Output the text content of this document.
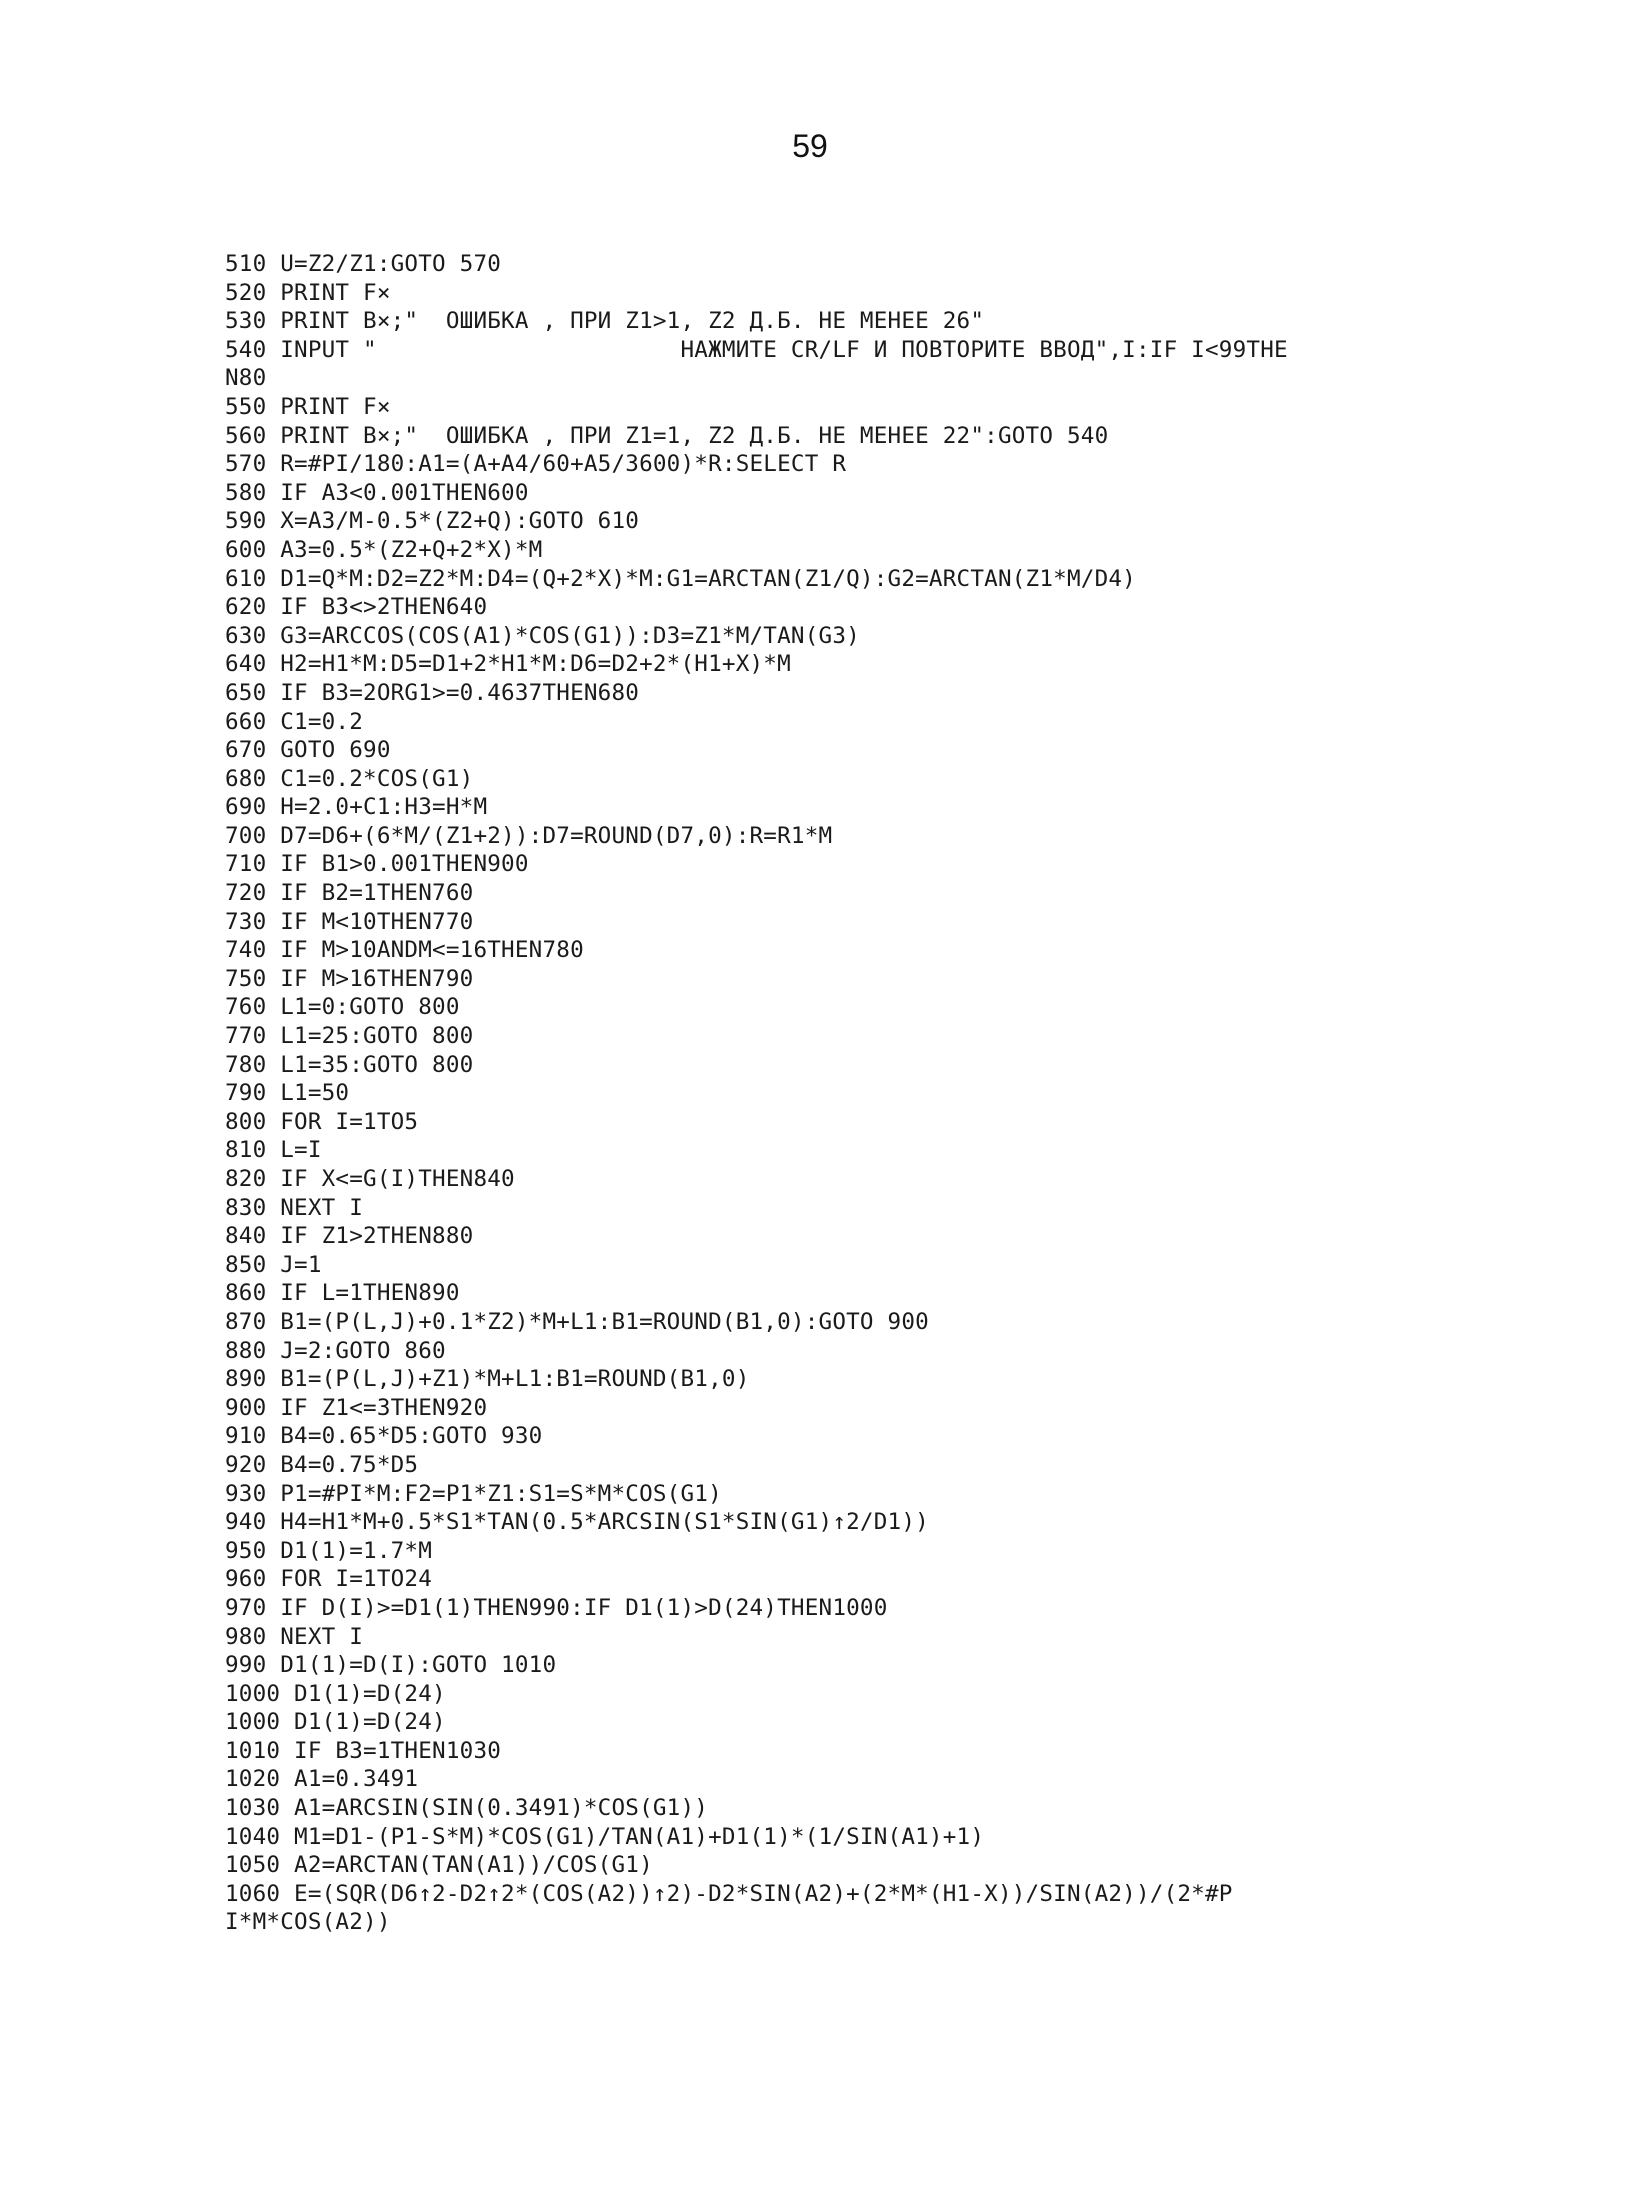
59
510 U=Z2/Z1:GOTO 570
520 PRINT F×
530 PRINT B×;"  ОШИБКА , ПРИ Z1>1, Z2 Д.Б. НЕ МЕНЕЕ 26"
540 INPUT "                      НАЖМИТЕ CR/LF И ПОВТОРИТЕ ВВОД",I:IF I<99THE
N80
550 PRINT F×
560 PRINT B×;"  ОШИБКА , ПРИ Z1=1, Z2 Д.Б. НЕ МЕНЕЕ 22":GOTO 540
570 R=#PI/180:A1=(A+A4/60+A5/3600)*R:SELECT R
580 IF A3<0.001THEN600
590 X=A3/M-0.5*(Z2+Q):GOTO 610
600 A3=0.5*(Z2+Q+2*X)*M
610 D1=Q*M:D2=Z2*M:D4=(Q+2*X)*M:G1=ARCTAN(Z1/Q):G2=ARCTAN(Z1*M/D4)
620 IF B3<>2THEN640
630 G3=ARCCOS(COS(A1)*COS(G1)):D3=Z1*M/TAN(G3)
640 H2=H1*M:D5=D1+2*H1*M:D6=D2+2*(H1+X)*M
650 IF B3=2ORG1>=0.4637THEN680
660 C1=0.2
670 GOTO 690
680 C1=0.2*COS(G1)
690 H=2.0+C1:H3=H*M
700 D7=D6+(6*M/(Z1+2)):D7=ROUND(D7,0):R=R1*M
710 IF B1>0.001THEN900
720 IF B2=1THEN760
730 IF M<10THEN770
740 IF M>10ANDM<=16THEN780
750 IF M>16THEN790
760 L1=0:GOTO 800
770 L1=25:GOTO 800
780 L1=35:GOTO 800
790 L1=50
800 FOR I=1TO5
810 L=I
820 IF X<=G(I)THEN840
830 NEXT I
840 IF Z1>2THEN880
850 J=1
860 IF L=1THEN890
870 B1=(P(L,J)+0.1*Z2)*M+L1:B1=ROUND(B1,0):GOTO 900
880 J=2:GOTO 860
890 B1=(P(L,J)+Z1)*M+L1:B1=ROUND(B1,0)
900 IF Z1<=3THEN920
910 B4=0.65*D5:GOTO 930
920 B4=0.75*D5
930 P1=#PI*M:F2=P1*Z1:S1=S*M*COS(G1)
940 H4=H1*M+0.5*S1*TAN(0.5*ARCSIN(S1*SIN(G1)↑2/D1))
950 D1(1)=1.7*M
960 FOR I=1TO24
970 IF D(I)>=D1(1)THEN990:IF D1(1)>D(24)THEN1000
980 NEXT I
990 D1(1)=D(I):GOTO 1010
1000 D1(1)=D(24)
1000 D1(1)=D(24)
1010 IF B3=1THEN1030
1020 A1=0.3491
1030 A1=ARCSIN(SIN(0.3491)*COS(G1))
1040 M1=D1-(P1-S*M)*COS(G1)/TAN(A1)+D1(1)*(1/SIN(A1)+1)
1050 A2=ARCTAN(TAN(A1))/COS(G1)
1060 E=(SQR(D6↑2-D2↑2*(COS(A2))↑2)-D2*SIN(A2)+(2*M*(H1-X))/SIN(A2))/(2*#P
I*M*COS(A2))
